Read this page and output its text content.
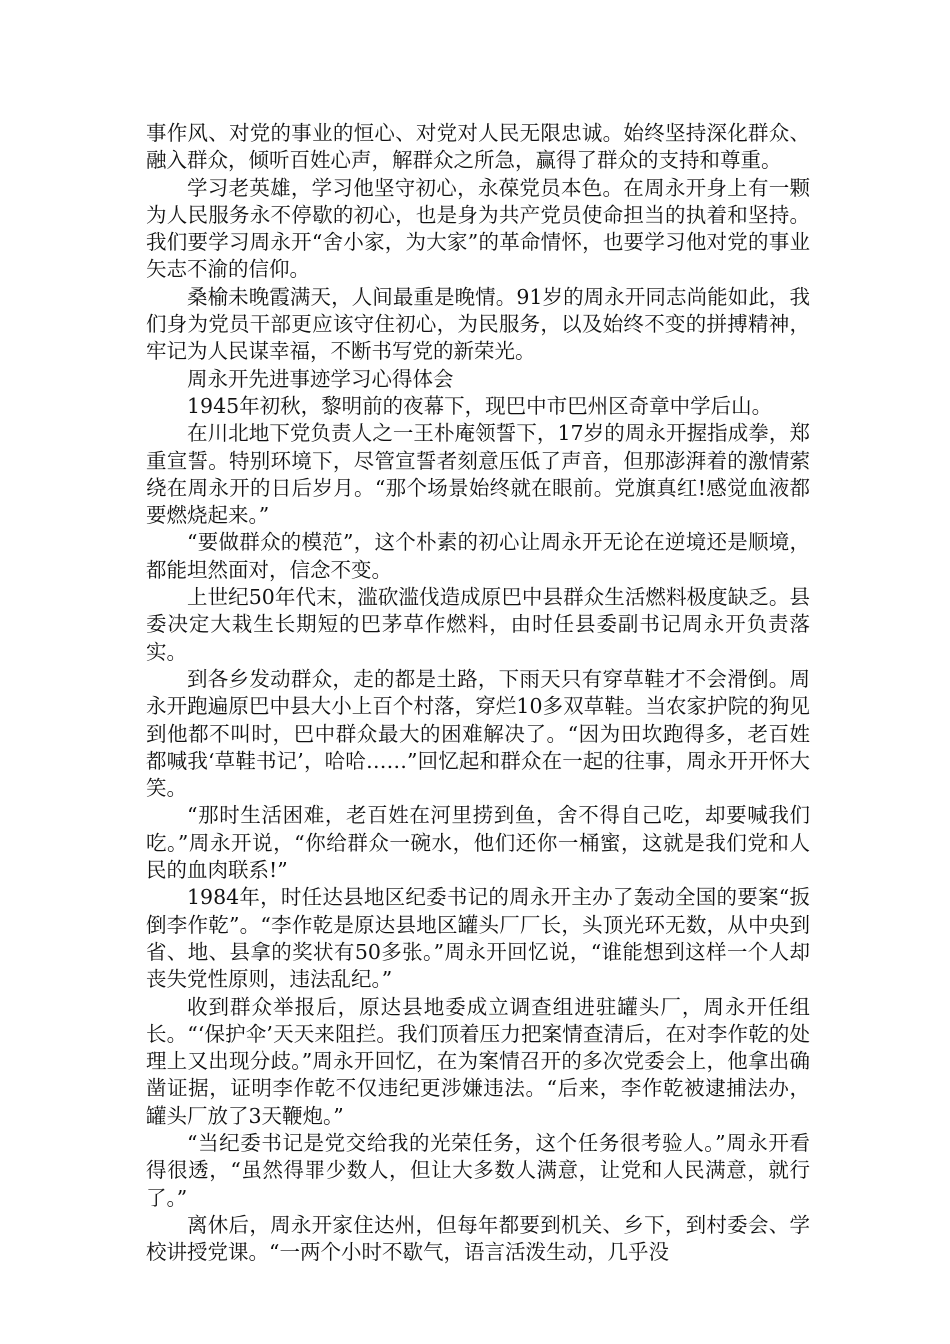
事作风、对党的事业的恒心、对党对人民无限忠诚。始终坚持深化群众、融入群众，倾听百姓心声，解群众之所急，赢得了群众的支持和尊重。

学习老英雄，学习他坚守初心，永葆党员本色。在周永开身上有一颗为人民服务永不停歇的初心，也是身为共产党员使命担当的执着和坚持。我们要学习周永开“舍小家，为大家”的革命情怀，也要学习他对党的事业矢志不渝的信仰。

桑榆未晚霞满天，人间最重是晚情。91岁的周永开同志尚能如此，我们身为党员干部更应该守住初心，为民服务，以及始终不变的拼搏精神，牢记为人民谋幸福，不断书写党的新荣光。

周永开先进事迹学习心得体会

1945年初秋，黎明前的夜幕下，现巴中市巴州区奇章中学后山。

在川北地下党负责人之一王朴庵领誓下，17岁的周永开握指成拳，郑重宣誓。特别环境下，尽管宣誓者刻意压低了声音，但那澎湃着的激情萦绕在周永开的日后岁月。“那个场景始终就在眼前。党旗真红!感觉血液都要燃烧起来。”

“要做群众的模范”，这个朴素的初心让周永开无论在逆境还是顺境，都能坦然面对，信念不变。

上世纪50年代末，滥砍滥伐造成原巴中县群众生活燃料极度缺乏。县委决定大栽生长期短的巴茅草作燃料，由时任县委副书记周永开负责落实。

到各乡发动群众，走的都是土路，下雨天只有穿草鞋才不会滑倒。周永开跑遍原巴中县大小上百个村落，穿烂10多双草鞋。当农家护院的狗见到他都不叫时，巴中群众最大的困难解决了。“因为田坎跑得多，老百姓都喊我‘草鞋书记’，哈哈……”回忆起和群众在一起的往事，周永开开怀大笑。

“那时生活困难，老百姓在河里捞到鱼，舍不得自己吃，却要喊我们吃。”周永开说，“你给群众一碗水，他们还你一桶蜜，这就是我们党和人民的血肉联系!”

1984年，时任达县地区纪委书记的周永开主办了轰动全国的要案“扳倒李作乾”。“李作乾是原达县地区罐头厂厂长，头顶光环无数，从中央到省、地、县拿的奖状有50多张。”周永开回忆说，“谁能想到这样一个人却丧失党性原则，违法乱纪。”

收到群众举报后，原达县地委成立调查组进驻罐头厂，周永开任组长。“‘保护伞’天天来阻拦。我们顶着压力把案情查清后，在对李作乾的处理上又出现分歧。”周永开回忆，在为案情召开的多次党委会上，他拿出确凿证据，证明李作乾不仅违纪更涉嫌违法。“后来，李作乾被逮捕法办，罐头厂放了3天鞭炮。”

“当纪委书记是党交给我的光荣任务，这个任务很考验人。”周永开看得很透，“虽然得罪少数人，但让大多数人满意，让党和人民满意，就行了。”

离休后，周永开家住达州，但每年都要到机关、乡下，到村委会、学校讲授党课。“一两个小时不歇气，语言活泼生动，几乎没
